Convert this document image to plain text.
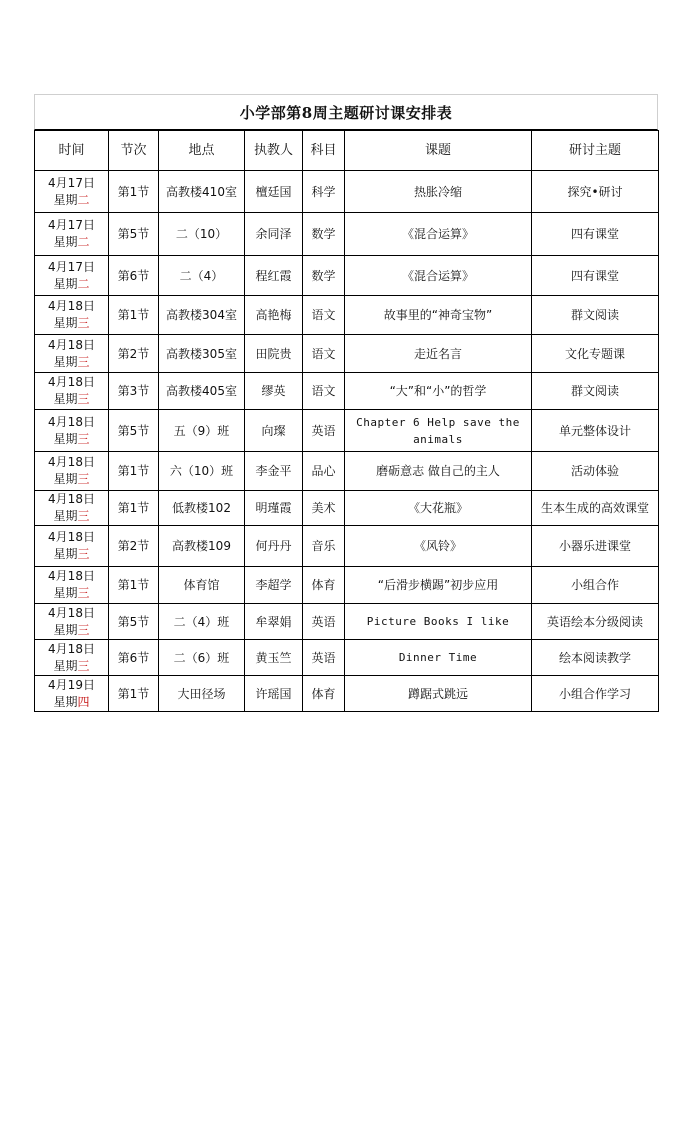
小学部第8周主题研讨课安排表
时间	节次	地点	执教人	科目	课题	研讨主题

4月17日
星期二	第1节	高教楼410室	檀廷国	科学	热胀冷缩	探究•研讨

4月17日
星期二	第5节	二（10）	余同泽	数学	《混合运算》	四有课堂

4月17日
星期二	第6节	二（4）	程红霞	数学	《混合运算》	四有课堂

4月18日
星期三	第1节	高教楼304室	高艳梅	语文	故事里的“神奇宝物”	群文阅读

4月18日
星期三	第2节	高教楼305室	田院贵	语文	走近名言	文化专题课

4月18日
星期三	第3节	高教楼405室	缪英	语文	“大”和“小”的哲学	群文阅读

4月18日
星期三	第5节	五（9）班	向璨	英语	Chapter 6 Help save the animals	单元整体设计

4月18日
星期三	第1节	六（10）班	李金平	品心	磨砺意志 做自己的主人	活动体验

4月18日
星期三	第1节	低教楼102	明瑾霞	美术	《大花瓶》	生本生成的高效课堂

4月18日
星期三	第2节	高教楼109	何丹丹	音乐	《风铃》	小器乐进课堂

4月18日
星期三	第1节	体育馆	李超学	体育	“后滑步横踢”初步应用	小组合作

4月18日
星期三	第5节	二（4）班	牟翠娟	英语	Picture Books I like	英语绘本分级阅读

4月18日
星期三	第6节	二（6）班	黄玉竺	英语	Dinner Time	绘本阅读教学

4月19日
星期四	第1节	大田径场	许瑶国	体育	蹲踞式跳远	小组合作学习
